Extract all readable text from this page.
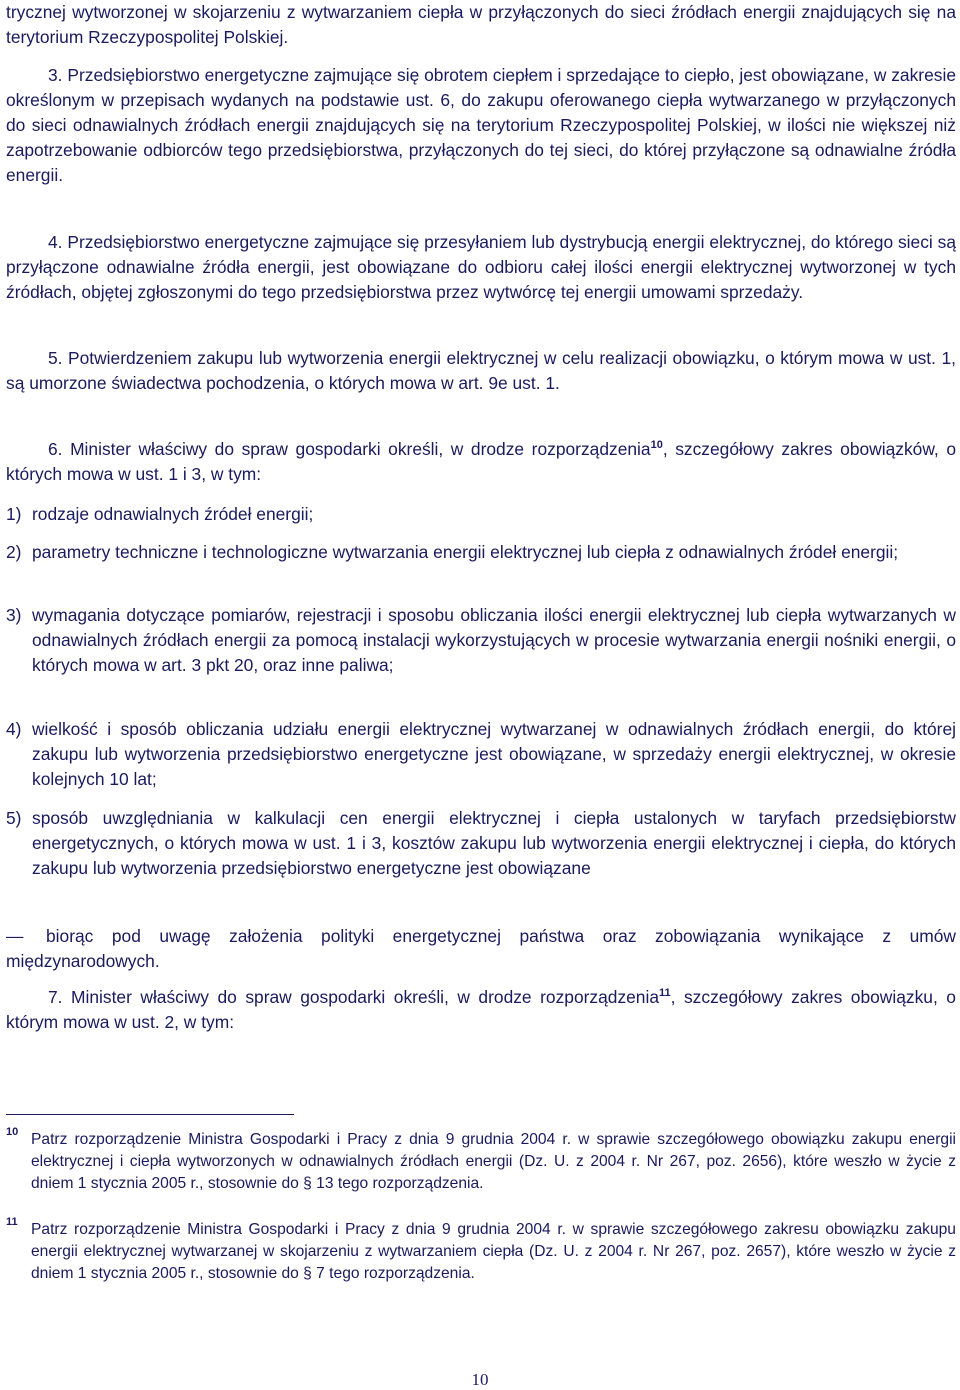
trycznej wytworzonej w skojarzeniu z wytwarzaniem ciepła w przyłączonych do sieci źródłach energii znajdujących się na terytorium Rzeczypospolitej Polskiej.

3. Przedsiębiorstwo energetyczne zajmujące się obrotem ciepłem i sprzedające to ciepło, jest obowiązane, w zakresie określonym w przepisach wydanych na podstawie ust. 6, do zakupu oferowanego ciepła wytwarzanego w przyłączonych do sieci odnawialnych źródłach energii znajdujących się na terytorium Rzeczypospolitej Polskiej, w ilości nie większej niż zapotrzebowanie odbiorców tego przedsiębiorstwa, przyłączonych do tej sieci, do której przyłączone są odnawialne źródła energii.

4. Przedsiębiorstwo energetyczne zajmujące się przesyłaniem lub dystrybucją energii elektrycznej, do którego sieci są przyłączone odnawialne źródła energii, jest obowiązane do odbioru całej ilości energii elektrycznej wytworzonej w tych źródłach, objętej zgłoszonymi do tego przedsiębiorstwa przez wytwórcę tej energii umowami sprzedaży.

5. Potwierdzeniem zakupu lub wytworzenia energii elektrycznej w celu realizacji obowiązku, o którym mowa w ust. 1, są umorzone świadectwa pochodzenia, o których mowa w art. 9e ust. 1.

6. Minister właściwy do spraw gospodarki określi, w drodze rozporządzenia$^{10}$, szczegółowy zakres obowiązków, o których mowa w ust. 1 i 3, w tym:

1) rodzaje odnawialnych źródeł energii;
2) parametry techniczne i technologiczne wytwarzania energii elektrycznej lub ciepła z odnawialnych źródeł energii;
3) wymagania dotyczące pomiarów, rejestracji i sposobu obliczania ilości energii elektrycznej lub ciepła wytwarzanych w odnawialnych źródłach energii za pomocą instalacji wykorzystujących w procesie wytwarzania energii nośniki energii, o których mowa w art. 3 pkt 20, oraz inne paliwa;
4) wielkość i sposób obliczania udziału energii elektrycznej wytwarzanej w odnawialnych źródłach energii, do której zakupu lub wytworzenia przedsiębiorstwo energetyczne jest obowiązane, w sprzedaży energii elektrycznej, w okresie kolejnych 10 lat;
5) sposób uwzględniania w kalkulacji cen energii elektrycznej i ciepła ustalonych w taryfach przedsiębiorstw energetycznych, o których mowa w ust. 1 i 3, kosztów zakupu lub wytworzenia energii elektrycznej i ciepła, do których zakupu lub wytworzenia przedsiębiorstwo energetyczne jest obowiązane

— biorąc pod uwagę założenia polityki energetycznej państwa oraz zobowiązania wynikające z umów międzynarodowych.

7. Minister właściwy do spraw gospodarki określi, w drodze rozporządzenia$^{11}$, szczegółowy zakres obowiązku, o którym mowa w ust. 2, w tym:

10 Patrz rozporządzenie Ministra Gospodarki i Pracy z dnia 9 grudnia 2004 r. w sprawie szczegółowego obowiązku zakupu energii elektrycznej i ciepła wytworzonych w odnawialnych źródłach energii (Dz. U. z 2004 r. Nr 267, poz. 2656), które weszło w życie z dniem 1 stycznia 2005 r., stosownie do § 13 tego rozporządzenia.
11 Patrz rozporządzenie Ministra Gospodarki i Pracy z dnia 9 grudnia 2004 r. w sprawie szczegółowego zakresu obowiązku zakupu energii elektrycznej wytwarzanej w skojarzeniu z wytwarzaniem ciepła (Dz. U. z 2004 r. Nr 267, poz. 2657), które weszło w życie z dniem 1 stycznia 2005 r., stosownie do § 7 tego rozporządzenia.
10
